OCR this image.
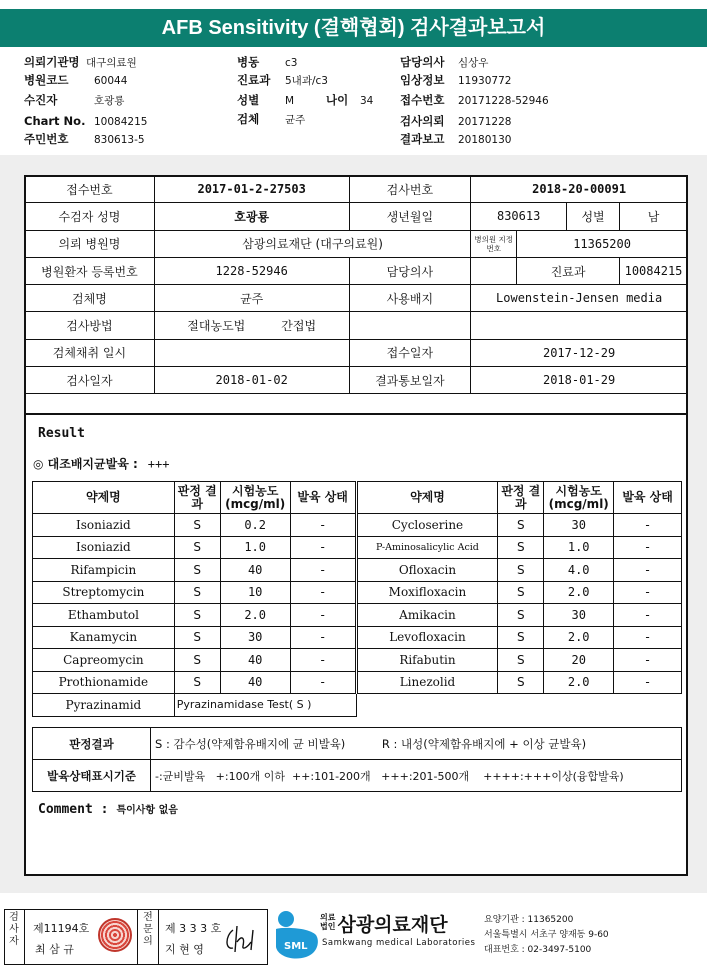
AFB Sensitivity (결핵협회) 검사결과보고서
의뢰기관명 대구의료원
병원코드 60044
수진자	호광룡
Chart No. 10084215
주민번호 830613-5
병동 c3
진료과 5내과/c3
성별 M	나이 34
검체 균주
담당의사 심상우
임상정보 11930772
접수번호 20171228-52946
검사의뢰 20171228
결과보고 20180130
접수번호	2017-01-2-27503	검사번호	2018-20-00091			
수검자 성명	호광룡	생년월일	830613		성별	남
의뢰 병원명	삼광의료재단 (대구의료원)		병의원 지정번호	11365200		
병원환자 등록번호	1228-52946	담당의사		진료과		10084215
검체명	균주	사용배지	Lowenstein-Jensen media			
검사방법	절대농도법 간접법					
검체채취 일시		접수일자	2017-12-29			
검사일자	2018-01-02	결과통보일자	2018-01-29			
Result
◎ 대조배지균발육 : +++
약제명	판정 결과	시험농도 (mcg/ml)	발육 상태	약제명	판정 결과	시험농도 (mcg/ml)	발육 상태
Isoniazid	S	0.2	-	Cycloserine	S	30	-
Isoniazid	S	1.0	-	P-Aminosalicylic Acid	S	1.0	-
Rifampicin	S	40	-	Ofloxacin	S	4.0	-
Streptomycin	S	10	-	Moxifloxacin	S	2.0	-
Ethambutol	S	2.0	-	Amikacin	S	30	-
Kanamycin	S	30	-	Levofloxacin	S	2.0	-
Capreomycin	S	40	-	Rifabutin	S	20	-
Prothionamide	S	40	-	Linezolid	S	2.0	-
Pyrazinamid	Pyrazinamidase Test( S )						
판정결과	S : 감수성(약제함유배지에 균 비발육)          R : 내성(약제함유배지에 + 이상 균발육)
발육상태표시기준	-:균비발육   +:100개 이하  ++:101-200개   +++:201-500개    ++++:+++이상(융합발육)
Comment : 특이사항 없음
검사자
제11194호
최 삼 규
전문의
제 3 3 3 호
지 현 영	SML
의료
법인 삼광의료재단
Samkwang medical Laboratories
요양기관 : 11365200
서울특별시 서초구 양재동 9-60
대표번호 : 02-3497-5100
